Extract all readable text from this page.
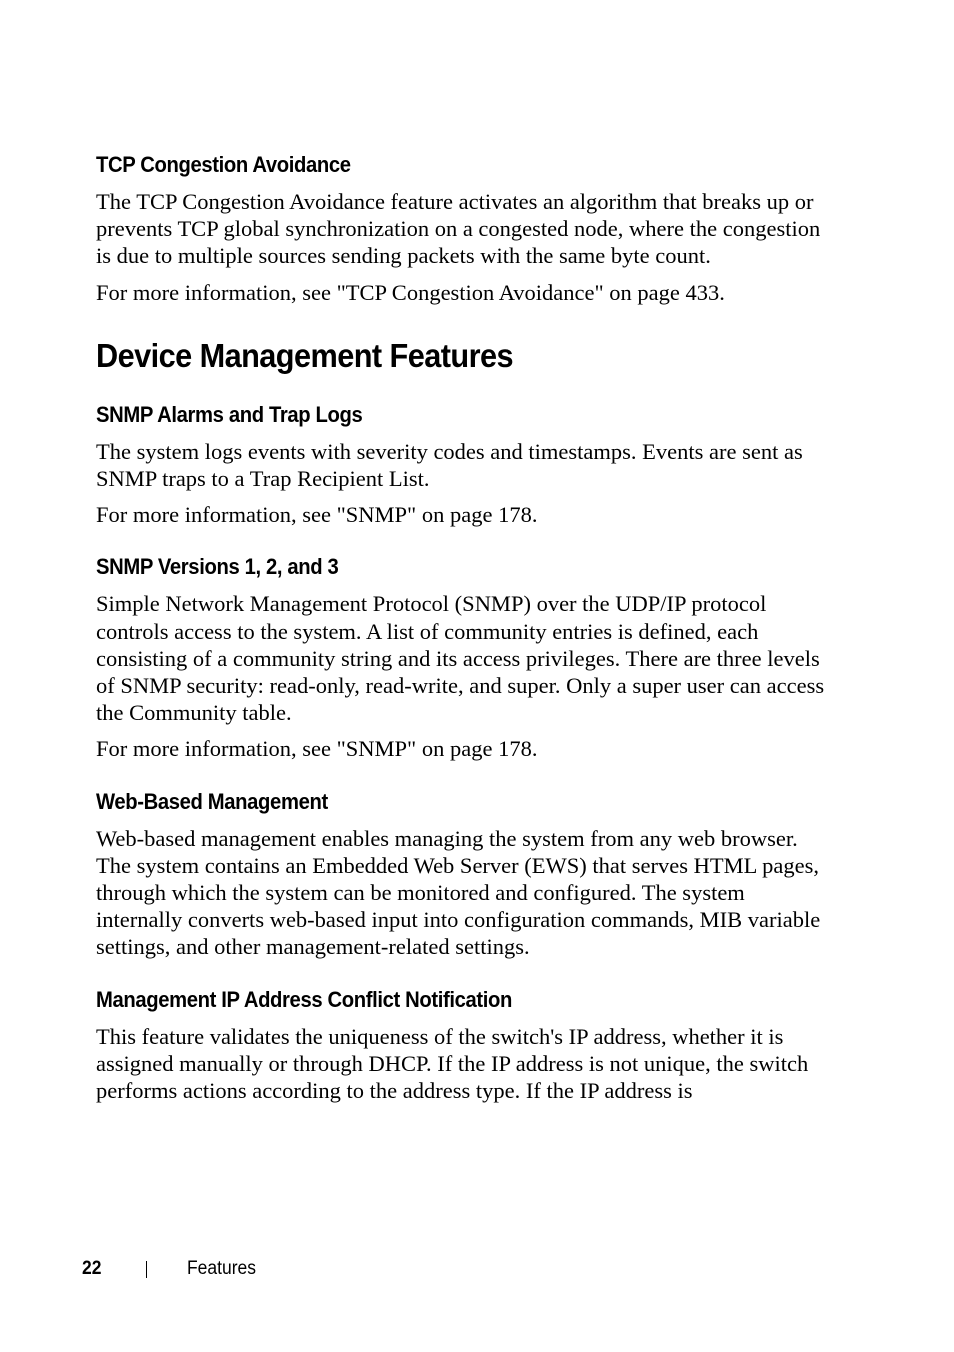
TCP Congestion Avoidance

The TCP Congestion Avoidance feature activates an algorithm that breaks up or prevents TCP global synchronization on a congested node, where the congestion is due to multiple sources sending packets with the same byte count.

For more information, see "TCP Congestion Avoidance" on page 433.

Device Management Features
SNMP Alarms and Trap Logs

The system logs events with severity codes and timestamps. Events are sent as SNMP traps to a Trap Recipient List.

For more information, see "SNMP" on page 178.

SNMP Versions 1, 2, and 3

Simple Network Management Protocol (SNMP) over the UDP/IP protocol controls access to the system. A list of community entries is defined, each consisting of a community string and its access privileges. There are three levels of SNMP security: read-only, read-write, and super. Only a super user can access the Community table.

For more information, see "SNMP" on page 178.

Web-Based Management

Web-based management enables managing the system from any web browser. The system contains an Embedded Web Server (EWS) that serves HTML pages, through which the system can be monitored and configured. The system internally converts web-based input into configuration commands, MIB variable settings, and other management-related settings.

Management IP Address Conflict Notification

This feature validates the uniqueness of the switch's IP address, whether it is assigned manually or through DHCP. If the IP address is not unique, the switch performs actions according to the address type. If the IP address is

22	Features
